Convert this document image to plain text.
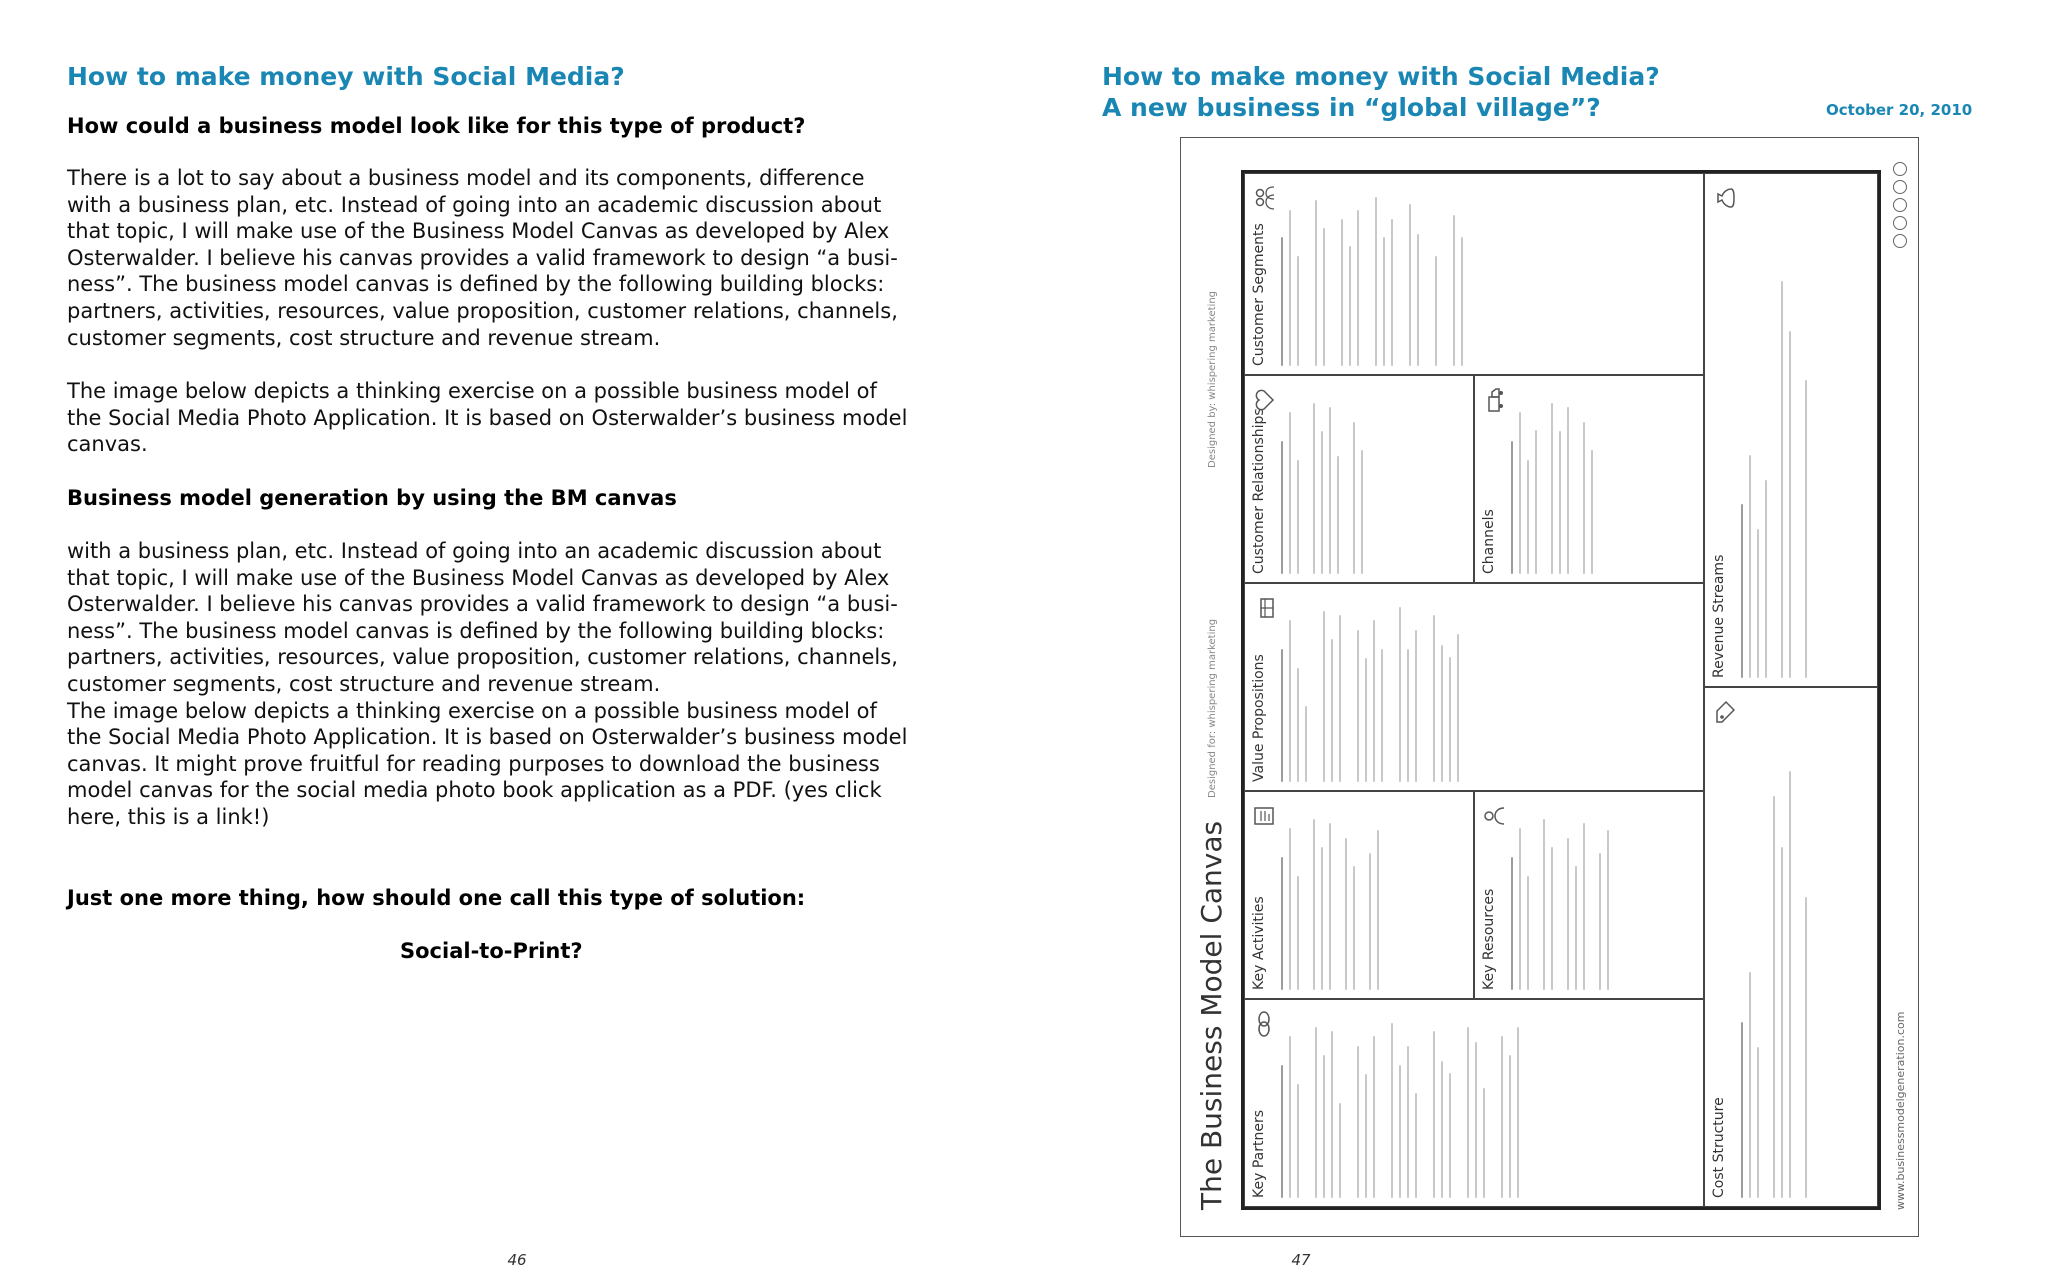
How to make money with Social Media?
How could a business model look like for this type of product?

There is a lot to say about a business model and its components, difference
with a business plan, etc. Instead of going into an academic discussion about
that topic, I will make use of the Business Model Canvas as developed by Alex
Osterwalder. I believe his canvas provides a valid framework to design “a busi-
ness”. The business model canvas is defined by the following building blocks:
partners, activities, resources, value proposition, customer relations, channels,
customer segments, cost structure and revenue stream.

The image below depicts a thinking exercise on a possible business model of
the Social Media Photo Application. It is based on Osterwalder’s business model
canvas.

Business model generation by using the BM canvas

with a business plan, etc. Instead of going into an academic discussion about
that topic, I will make use of the Business Model Canvas as developed by Alex
Osterwalder. I believe his canvas provides a valid framework to design “a busi-
ness”. The business model canvas is defined by the following building blocks:
partners, activities, resources, value proposition, customer relations, channels,
customer segments, cost structure and revenue stream.
The image below depicts a thinking exercise on a possible business model of
the Social Media Photo Application. It is based on Osterwalder’s business model
canvas. It might prove fruitful for reading purposes to download the business
model canvas for the social media photo book application as a PDF. (yes click
here, this is a link!)

Just one more thing, how should one call this type of solution:
Social-to-Print?
46
How to make money with Social Media?
A new business in “global village”?	October 20, 2010
The Business Model Canvas
Designed for: whispering marketing
Designed by: whispering marketing
Key Partners
Key Activities	Key Resources
Value Propositions
Customer Relationships	Channels
Customer Segments
Cost Structure
Revenue Streams
www.businessmodelgeneration.com
47
